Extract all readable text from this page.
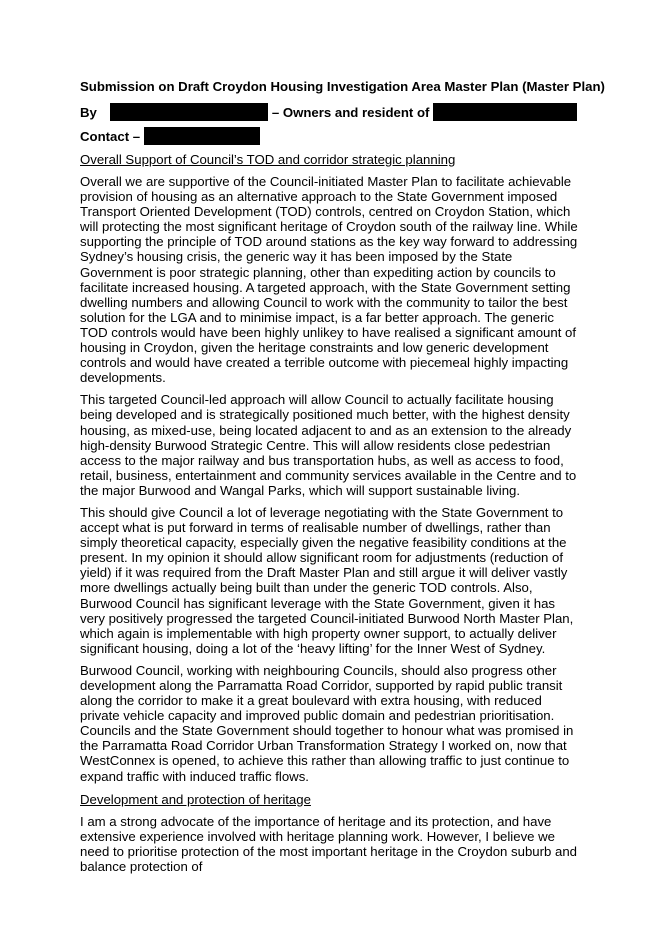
Submission on Draft Croydon Housing Investigation Area Master Plan (Master Plan)
By	– Owners and resident of
Contact –
Overall Support of Council’s TOD and corridor strategic planning

Overall we are supportive of the Council-initiated Master Plan to facilitate achievable provision of housing as an alternative approach to the State Government imposed Transport Oriented Development (TOD) controls, centred on Croydon Station, which will protecting the most significant heritage of Croydon south of the railway line. While supporting the principle of TOD around stations as the key way forward to addressing Sydney’s housing crisis, the generic way it has been imposed by the State Government is poor strategic planning, other than expediting action by councils to facilitate increased housing. A targeted approach, with the State Government setting dwelling numbers and allowing Council to work with the community to tailor the best solution for the LGA and to minimise impact, is a far better approach. The generic TOD controls would have been highly unlikey to have realised a significant amount of housing in Croydon, given the heritage constraints and low generic development controls and would have created a terrible outcome with piecemeal highly impacting developments.

This targeted Council-led approach will allow Council to actually facilitate housing being developed and is strategically positioned much better, with the highest density housing, as mixed-use, being located adjacent to and as an extension to the already high-density Burwood Strategic Centre. This will allow residents close pedestrian access to the major railway and bus transportation hubs, as well as access to food, retail, business, entertainment and community services available in the Centre and to the major Burwood and Wangal Parks, which will support sustainable living.

This should give Council a lot of leverage negotiating with the State Government to accept what is put forward in terms of realisable number of dwellings, rather than simply theoretical capacity, especially given the negative feasibility conditions at the present. In my opinion it should allow significant room for adjustments (reduction of yield) if it was required from the Draft Master Plan and still argue it will deliver vastly more dwellings actually being built than under the generic TOD controls. Also, Burwood Council has significant leverage with the State Government, given it has very positively progressed the targeted Council-initiated Burwood North Master Plan, which again is implementable with high property owner support, to actually deliver significant housing, doing a lot of the ‘heavy lifting’ for the Inner West of Sydney.

Burwood Council, working with neighbouring Councils, should also progress other development along the Parramatta Road Corridor, supported by rapid public transit along the corridor to make it a great boulevard with extra housing, with reduced private vehicle capacity and improved public domain and pedestrian prioritisation. Councils and the State Government should together to honour what was promised in the Parramatta Road Corridor Urban Transformation Strategy I worked on, now that WestConnex is opened, to achieve this rather than allowing traffic to just continue to expand traffic with induced traffic flows.

Development and protection of heritage

I am a strong advocate of the importance of heritage and its protection, and have extensive experience involved with heritage planning work. However, I believe we need to prioritise protection of the most important heritage in the Croydon suburb and balance protection of
